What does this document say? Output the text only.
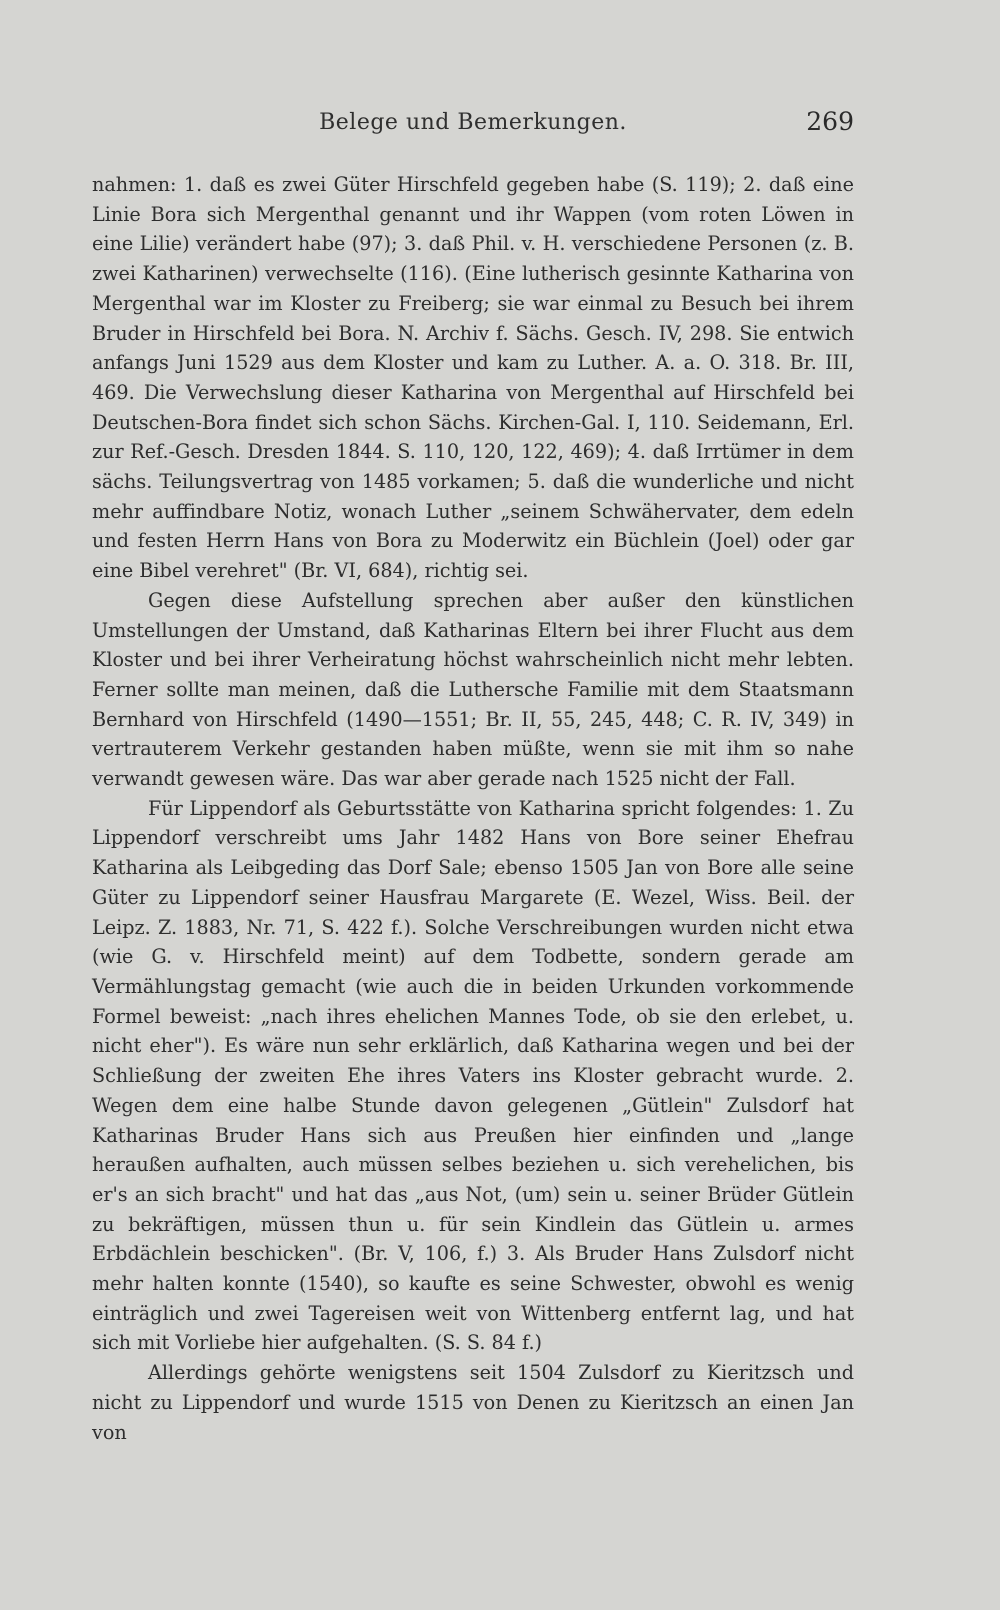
Belege und Bemerkungen.	269

nahmen: 1. daß es zwei Güter Hirschfeld gegeben habe (S. 119); 2. daß eine Linie Bora sich Mergenthal genannt und ihr Wappen (vom roten Löwen in eine Lilie) verändert habe (97); 3. daß Phil. v. H. verschiedene Personen (z. B. zwei Katharinen) verwechselte (116). (Eine lutherisch gesinnte Katharina von Mergenthal war im Kloster zu Freiberg; sie war einmal zu Besuch bei ihrem Bruder in Hirschfeld bei Bora. N. Archiv f. Sächs. Gesch. IV, 298. Sie entwich anfangs Juni 1529 aus dem Kloster und kam zu Luther. A. a. O. 318. Br. III, 469. Die Verwechslung dieser Katharina von Mergenthal auf Hirschfeld bei Deutschen-Bora findet sich schon Sächs. Kirchen-Gal. I, 110. Seidemann, Erl. zur Ref.-Gesch. Dresden 1844. S. 110, 120, 122, 469); 4. daß Irrtümer in dem sächs. Teilungsvertrag von 1485 vorkamen; 5. daß die wunderliche und nicht mehr auffindbare Notiz, wonach Luther „seinem Schwähervater, dem edeln und festen Herrn Hans von Bora zu Moderwitz ein Büchlein (Joel) oder gar eine Bibel verehret" (Br. VI, 684), richtig sei.

Gegen diese Aufstellung sprechen aber außer den künstlichen Umstellungen der Umstand, daß Katharinas Eltern bei ihrer Flucht aus dem Kloster und bei ihrer Verheiratung höchst wahrscheinlich nicht mehr lebten. Ferner sollte man meinen, daß die Luthersche Familie mit dem Staatsmann Bernhard von Hirschfeld (1490—1551; Br. II, 55, 245, 448; C. R. IV, 349) in vertrauterem Verkehr gestanden haben müßte, wenn sie mit ihm so nahe verwandt gewesen wäre. Das war aber gerade nach 1525 nicht der Fall.

Für Lippendorf als Geburtsstätte von Katharina spricht folgendes: 1. Zu Lippendorf verschreibt ums Jahr 1482 Hans von Bore seiner Ehefrau Katharina als Leibgeding das Dorf Sale; ebenso 1505 Jan von Bore alle seine Güter zu Lippendorf seiner Hausfrau Margarete (E. Wezel, Wiss. Beil. der Leipz. Z. 1883, Nr. 71, S. 422 f.). Solche Verschreibungen wurden nicht etwa (wie G. v. Hirschfeld meint) auf dem Todbette, sondern gerade am Vermählungstag gemacht (wie auch die in beiden Urkunden vorkommende Formel beweist: „nach ihres ehelichen Mannes Tode, ob sie den erlebet, u. nicht eher"). Es wäre nun sehr erklärlich, daß Katharina wegen und bei der Schließung der zweiten Ehe ihres Vaters ins Kloster gebracht wurde. 2. Wegen dem eine halbe Stunde davon gelegenen „Gütlein" Zulsdorf hat Katharinas Bruder Hans sich aus Preußen hier einfinden und „lange heraußen aufhalten, auch müssen selbes beziehen u. sich verehelichen, bis er's an sich bracht" und hat das „aus Not, (um) sein u. seiner Brüder Gütlein zu bekräftigen, müssen thun u. für sein Kindlein das Gütlein u. armes Erbdächlein beschicken". (Br. V, 106, f.) 3. Als Bruder Hans Zulsdorf nicht mehr halten konnte (1540), so kaufte es seine Schwester, obwohl es wenig einträglich und zwei Tagereisen weit von Wittenberg entfernt lag, und hat sich mit Vorliebe hier aufgehalten. (S. S. 84 f.)

Allerdings gehörte wenigstens seit 1504 Zulsdorf zu Kieritzsch und nicht zu Lippendorf und wurde 1515 von Denen zu Kieritzsch an einen Jan von
